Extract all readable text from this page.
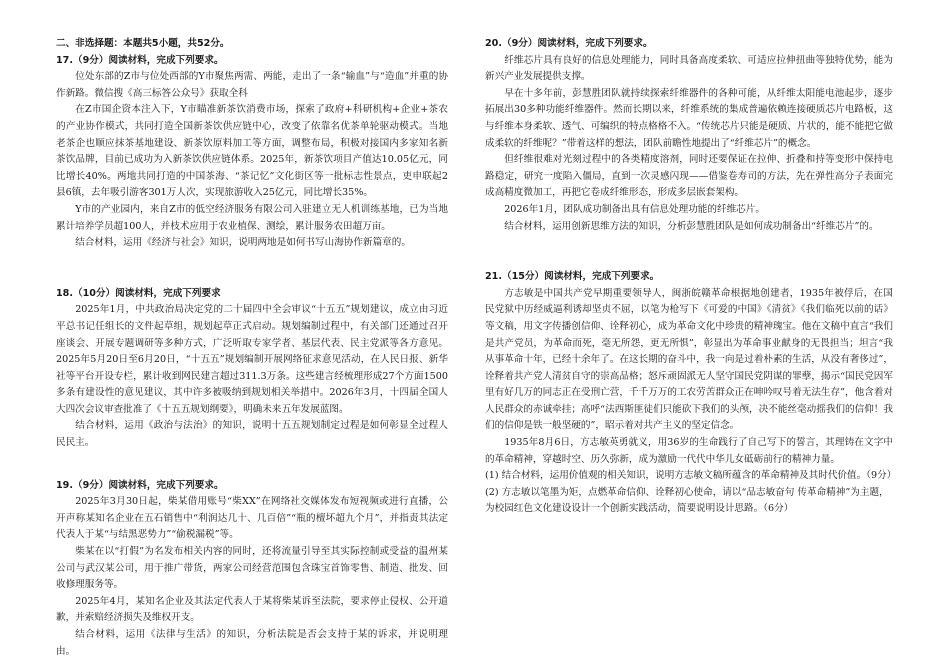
二、非选择题：本题共5小题，共52分。

17.（9分）阅读材料，完成下列要求。

位处东部的Z市与位处西部的Y市聚焦两需、两能，走出了一条“输血”与“造血”并重的协作新路。微信搜《高三标答公众号》获取全科

在Z市国企资本注入下，Y市瞄准新茶饮消费市场，探索了政府+科研机构+企业+茶农的产业协作模式，共同打造全国新茶饮供应链中心，改变了依靠名优茶单轮驱动模式。当地老茶企也顺应抹茶基地建设、新茶饮原料加工等方面，调整布局，积极对接国内多家知名新茶饮品牌，目前已成功为入新茶饮供应链体系。2025年，新茶饮项目产值达10.05亿元，同比增长40%。两地共同打造的中国茶海、“茶记忆”文化街区等一批标志性景点，吏申联起2县6镇，去年吸引游客301万人次，实现旅游收入25亿元，同比增长35%。

Y市的产业园内，来自Z市的低空经济服务有限公司入驻建立无人机训练基地，已为当地累计培养学员超100人，并枝术应用于农业植保、测绘，累计服务农田超万亩。

结合材料，运用《经济与社会》知识，说明两地是如何书写山海协作新篇章的。

18.（10分）阅读材料，完成下列要求

2025年1月，中共政治局决定党的二十届四中全会审议“十五五”规划建议，成立由习近平总书记任组长的文件起草组，规划起草正式启动。规划编制过程中，有关部门还通过召开座谈会、开展专题调研等多种方式，广泛听取专家学者、基层代表、民主党派等各方意见。2025年5月20日至6月20日，“十五五”规划编制开展网络征求意见活动，在人民日报、新华社等平台开设专栏，累计收到网民建言超过311.3万条。这些建言经梳理形成27个方面1500多条有建设性的意见建议，其中许多被吸纳到规划相关举措中。2026年3月，十四届全国人大四次会议审查批准了《十五五规划纲要》，明确未来五年发展蓝图。

结合材料，运用《政治与法治》的知识，说明十五五规划制定过程是如何彰显全过程人民民主。

19.（9分）阅读材料，完成下列要求。

2025年3月30日起，柴某借用账号“柴XX”在网络社交媒体发布短视频或进行直播，公开声称某知名企业在五石销售中“利润达几十、几百倍”“瓶的檀坏超九个月”，并指责其法定代表人于某“与结黑恶势力”“偷税漏税”等。

柴某在以“打假”为名发布相关内容的同时，还将流量引导至其实际控制或受益的温州某公司与武汉某公司，用于推广带货，两家公司经营范围包含珠宝首饰零售、制造、批发、回收修理服务等。

2025年4月，某知名企业及其法定代表人于某将柴某诉至法院，要求停止侵权、公开道歉，并索赔经济损失及维权开支。

结合材料，运用《法律与生活》的知识，分析法院是否会支持于某的诉求，并说明理由。

20.（9分）阅读材料，完成下列要求。

纤维芯片具有良好的信息处理能力，同时具备高度柔软、可适应拉伸扭曲等独特优势，能为新兴产业发展提供支撑。

早在十多年前，彭慧胜团队就持续探索纤维器件的各种可能，从纤维太阳能电池起步，逐步拓展出30多种功能纤维器件。然而长期以来，纤维系统的集成普遍依赖连接硬质芯片电路板，这与纤维本身柔软、透气、可编织的特点格格不入。“传统芯片只能是硬质、片状的，能不能把它做成柔软的纤维呢？”带着这样的想法，团队前瞻性地提出了“纤维芯片”的概念。

但纤维很难对光刻过程中的各类精度溶剂，同时还要保证在拉伸、折叠和持等变形中保持电路稳定，研究一度陷入僵局，直到一次灵感闪现——借鉴卷寿司的方法，先在弹性高分子表面完成高精度微加工，再把它卷成纤维形态，形成多层嵌套架构。

2026年1月，团队成功制备出具有信息处理功能的纤维芯片。

结合材料，运用创新思维方法的知识，分析彭慧胜团队是如何成功制备出“纤维芯片”的。

21.（15分）阅读材料，完成下列要求。

方志敏是中国共产党早期重要领导人，闽浙皖赣革命根据地创建者，1935年被俘后，在国民党狱中历经威逼利诱却坚贞不屈，以笔为枪写下《可爱的中国》《清贫》《我们临死以前的话》等文稿，用文字传播创信仰、诠释初心，成为革命文化中珍贵的精神瑰宝。他在文稿中直言“我们是共产党员，为革命而死，毫无所怨，更无所惧”，彰显出为革命事业献身的无畏担当；坦言“我从事革命十年，已经十余年了。在这长期的奋斗中，我一向是过着朴素的生活，从没有奢侈过”，诠释着共产党人清贫自守的崇高品格；怒斥顽固派无人坚守国民党阴谋的罪孽，揭示“国民党因军里有好几万的同志正在受刑亡营，千千万万的工农劳苦群众正在呻吟叹号着无法生存”，他含着对人民群众的赤诚牵挂；高呼“法西斯匪徒们只能砍下我们的头颅，决不能丝毫动摇我们的信仰！我们的信仰是铁一般坚硬的”，昭示着对共产主义的坚定信念。

1935年8月6日，方志敏英勇就义，用36岁的生命践行了自己写下的誓言，其理铸在文字中的革命精神，穿越时空、历久弥新，成为激励一代代中华儿女砥砺前行的精神力量。

(1) 结合材料，运用价值观的相关知识，说明方志敏文稿所蕴含的革命精神及其时代价值。（9分）

(2) 方志敏以笔墨为矩，点燃革命信仰、诠释初心使命，请以“品志敏奋句 传革命精神”为主题，为校园红色文化建设设计一个创新实践活动，简要说明设计思路。（6分）
